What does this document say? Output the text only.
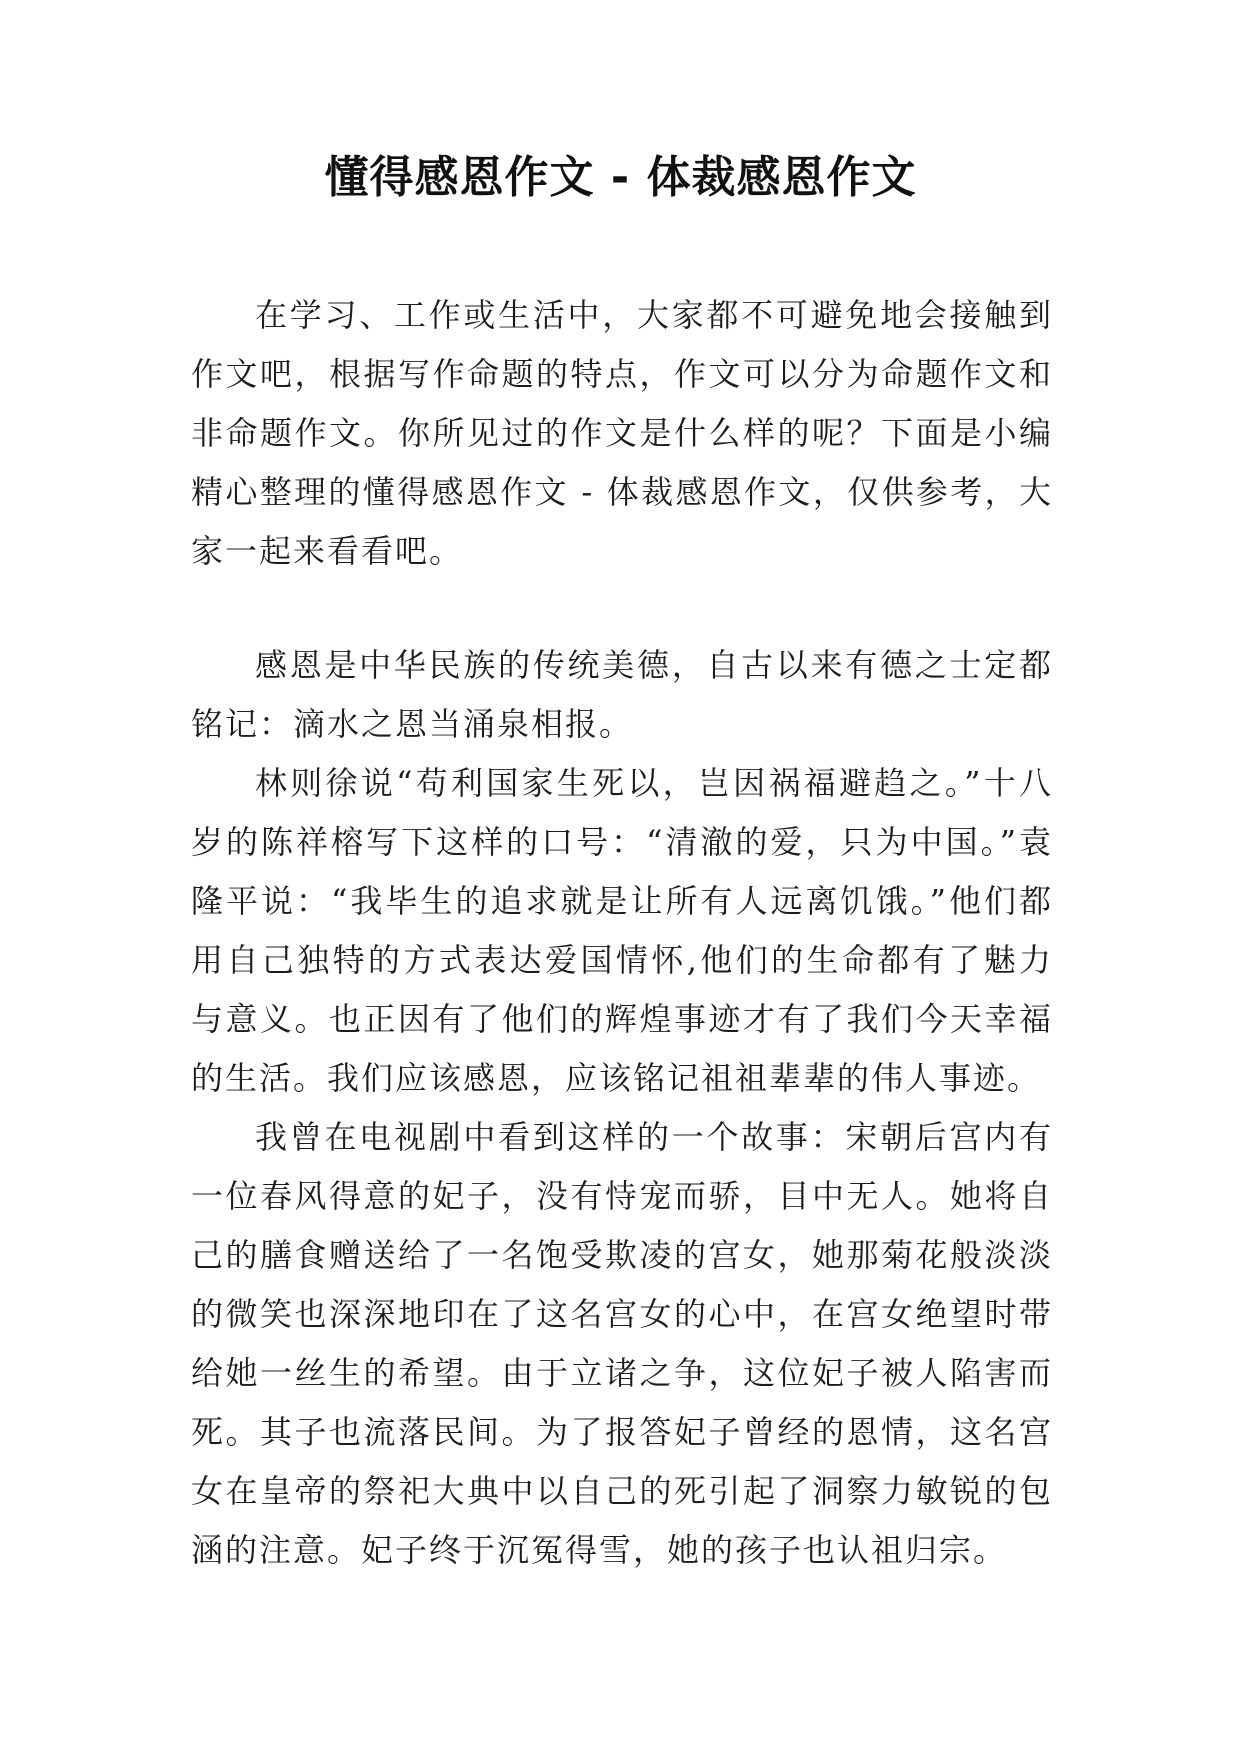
懂得感恩作文 - 体裁感恩作文

在学习、工作或生活中，大家都不可避免地会接触到作文吧，根据写作命题的特点，作文可以分为命题作文和非命题作文。你所见过的作文是什么样的呢？下面是小编精心整理的懂得感恩作文 - 体裁感恩作文，仅供参考，大家一起来看看吧。

感恩是中华民族的传统美德，自古以来有德之士定都铭记：滴水之恩当涌泉相报。

林则徐说“苟利国家生死以，岂因祸福避趋之。”十八岁的陈祥榕写下这样的口号：“清澈的爱，只为中国。”袁隆平说：“我毕生的追求就是让所有人远离饥饿。”他们都用自己独特的方式表达爱国情怀,他们的生命都有了魅力与意义。也正因有了他们的辉煌事迹才有了我们今天幸福的生活。我们应该感恩，应该铭记祖祖辈辈的伟人事迹。

我曾在电视剧中看到这样的一个故事：宋朝后宫内有一位春风得意的妃子，没有恃宠而骄，目中无人。她将自己的膳食赠送给了一名饱受欺凌的宫女，她那菊花般淡淡的微笑也深深地印在了这名宫女的心中，在宫女绝望时带给她一丝生的希望。由于立诸之争，这位妃子被人陷害而死。其子也流落民间。为了报答妃子曾经的恩情，这名宫女在皇帝的祭祀大典中以自己的死引起了洞察力敏锐的包涵的注意。妃子终于沉冤得雪，她的孩子也认祖归宗。
